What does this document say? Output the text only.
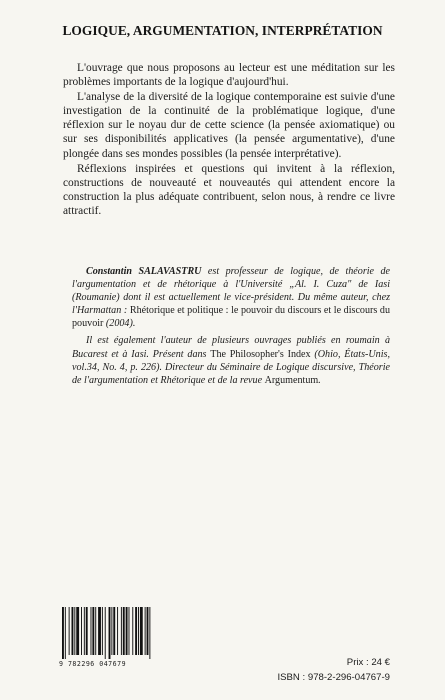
LOGIQUE, ARGUMENTATION, INTERPRÉTATION

L'ouvrage que nous proposons au lecteur est une méditation sur les problèmes importants de la logique d'aujourd'hui.

L'analyse de la diversité de la logique contemporaine est suivie d'une investigation de la continuité de la problématique logique, d'une réflexion sur le noyau dur de cette science (la pensée axiomatique) ou sur ses disponibilités applicatives (la pensée argumentative), d'une plongée dans ses mondes possibles (la pensée interprétative).

Réflexions inspirées et questions qui invitent à la réflexion, constructions de nouveauté et nouveautés qui attendent encore la construction la plus adéquate contribuent, selon nous, à rendre ce livre attractif.

Constantin SALAVASTRU est professeur de logique, de théorie de l'argumentation et de rhétorique à l'Université „Al. I. Cuza" de Iasi (Roumanie) dont il est actuellement le vice-président. Du même auteur, chez l'Harmattan : Rhétorique et politique : le pouvoir du discours et le discours du pouvoir (2004).

Il est également l'auteur de plusieurs ouvrages publiés en roumain à Bucarest et à Iasi. Présent dans The Philosopher's Index (Ohio, États-Unis, vol.34, No. 4, p. 226). Directeur du Séminaire de Logique discursive, Théorie de l'argumentation et Rhétorique et de la revue Argumentum.

9 782296 047679	Prix : 24 €
ISBN : 978-2-296-04767-9
